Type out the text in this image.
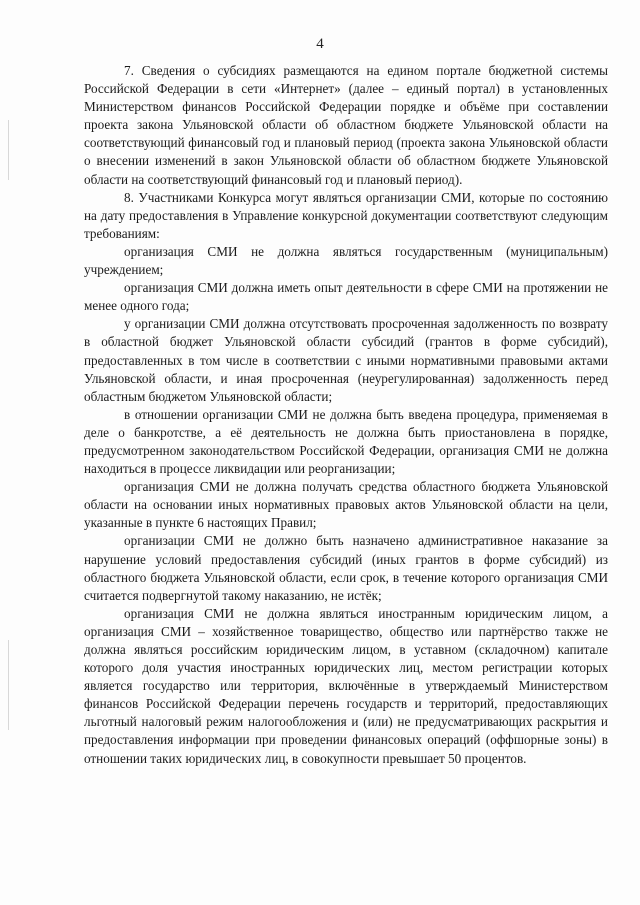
4

7. Сведения о субсидиях размещаются на едином портале бюджетной системы Российской Федерации в сети «Интернет» (далее – единый портал) в установленных Министерством финансов Российской Федерации порядке и объёме при составлении проекта закона Ульяновской области об областном бюджете Ульяновской области на соответствующий финансовый год и плановый период (проекта закона Ульяновской области о внесении изменений в закон Ульяновской области об областном бюджете Ульяновской области на соответствующий финансовый год и плановый период).

8. Участниками Конкурса могут являться организации СМИ, которые по состоянию на дату предоставления в Управление конкурсной документации соответствуют следующим требованиям:

организация СМИ не должна являться государственным (муниципальным) учреждением;

организация СМИ должна иметь опыт деятельности в сфере СМИ на протяжении не менее одного года;

у организации СМИ должна отсутствовать просроченная задолженность по возврату в областной бюджет Ульяновской области субсидий (грантов в форме субсидий), предоставленных в том числе в соответствии с иными нормативными правовыми актами Ульяновской области, и иная просроченная (неурегулированная) задолженность перед областным бюджетом Ульяновской области;

в отношении организации СМИ не должна быть введена процедура, применяемая в деле о банкротстве, а её деятельность не должна быть приостановлена в порядке, предусмотренном законодательством Российской Федерации, организация СМИ не должна находиться в процессе ликвидации или реорганизации;

организация СМИ не должна получать средства областного бюджета Ульяновской области на основании иных нормативных правовых актов Ульяновской области на цели, указанные в пункте 6 настоящих Правил;

организации СМИ не должно быть назначено административное наказание за нарушение условий предоставления субсидий (иных грантов в форме субсидий) из областного бюджета Ульяновской области, если срок, в течение которого организация СМИ считается подвергнутой такому наказанию, не истёк;

организация СМИ не должна являться иностранным юридическим лицом, а организация СМИ – хозяйственное товарищество, общество или партнёрство также не должна являться российским юридическим лицом, в уставном (складочном) капитале которого доля участия иностранных юридических лиц, местом регистрации которых является государство или территория, включённые в утверждаемый Министерством финансов Российской Федерации перечень государств и территорий, предоставляющих льготный налоговый режим налогообложения и (или) не предусматривающих раскрытия и предоставления информации при проведении финансовых операций (оффшорные зоны) в отношении таких юридических лиц, в совокупности превышает 50 процентов.
